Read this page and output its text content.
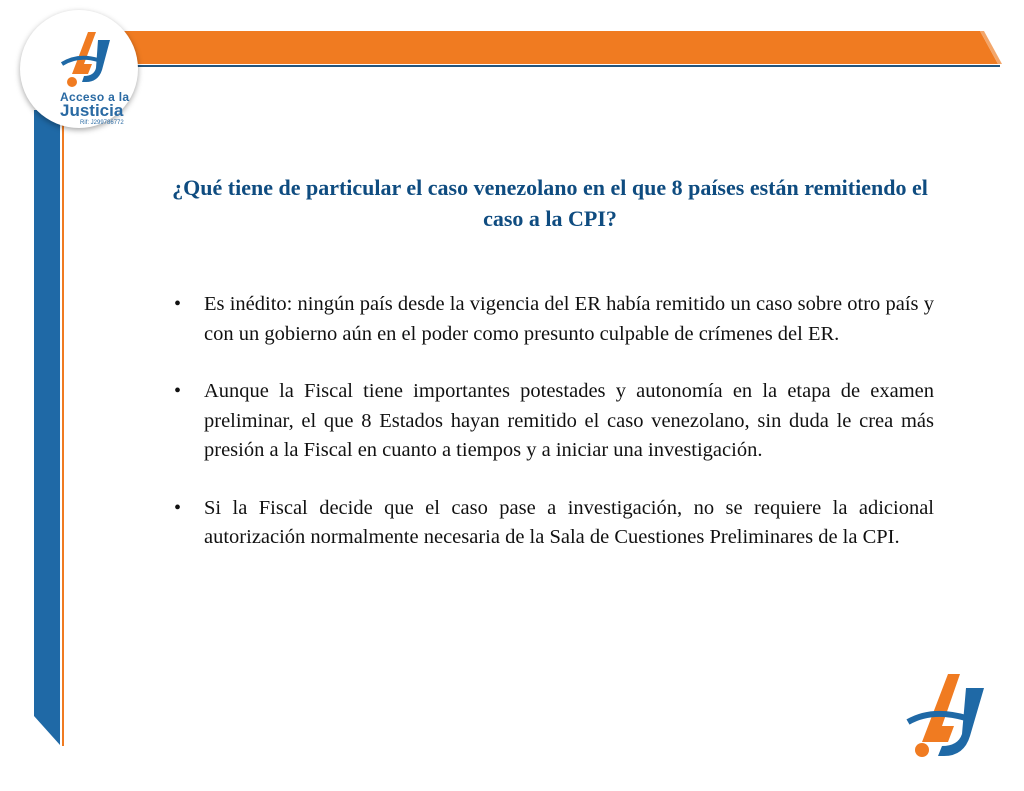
Acceso a la
Justicia
Rif: J299786772
¿Qué tiene de particular el caso venezolano en el que 8 países están remitiendo el caso a la CPI?
• Es inédito: ningún país desde la vigencia del ER había remitido un caso sobre otro país y con un gobierno aún en el poder como presunto culpable de crímenes del ER.
• Aunque la Fiscal tiene importantes potestades y autonomía en la etapa de examen preliminar, el que 8 Estados hayan remitido el caso venezolano, sin duda le crea más presión a la Fiscal en cuanto a tiempos y a iniciar una investigación.
• Si la Fiscal decide que el caso pase a investigación, no se requiere la adicional autorización normalmente necesaria de la Sala de Cuestiones Preliminares de la CPI.
